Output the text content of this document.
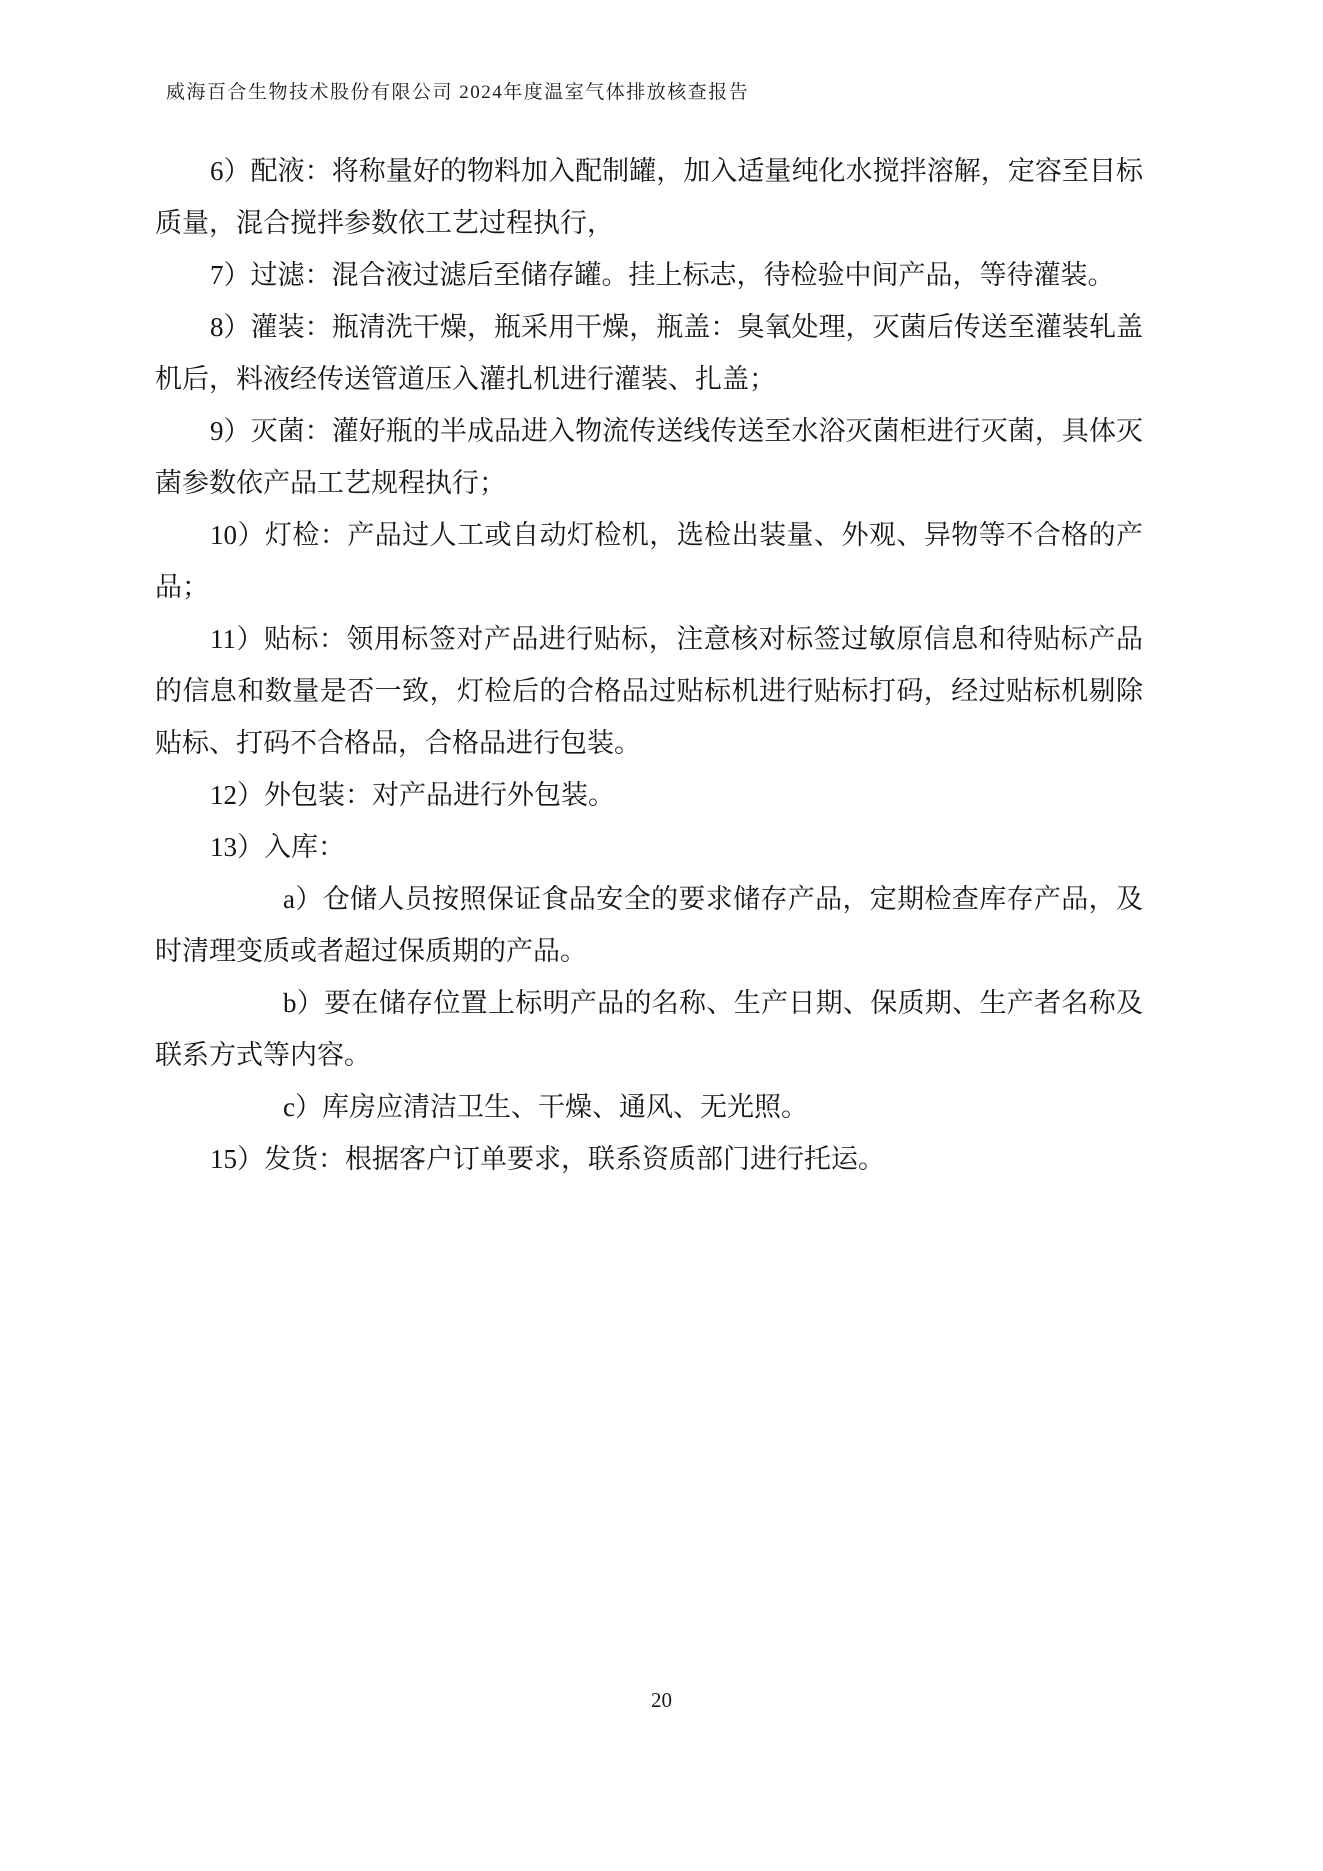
威海百合生物技术股份有限公司 2024年度温室气体排放核查报告

6）配液：将称量好的物料加入配制罐，加入适量纯化水搅拌溶解，定容至目标质量，混合搅拌参数依工艺过程执行，

7）过滤：混合液过滤后至储存罐。挂上标志，待检验中间产品，等待灌装。

8）灌装：瓶清洗干燥，瓶采用干燥，瓶盖：臭氧处理，灭菌后传送至灌装轧盖机后，料液经传送管道压入灌扎机进行灌装、扎盖；

9）灭菌：灌好瓶的半成品进入物流传送线传送至水浴灭菌柜进行灭菌，具体灭菌参数依产品工艺规程执行；

10）灯检：产品过人工或自动灯检机，选检出装量、外观、异物等不合格的产品；

11）贴标：领用标签对产品进行贴标，注意核对标签过敏原信息和待贴标产品的信息和数量是否一致，灯检后的合格品过贴标机进行贴标打码，经过贴标机剔除贴标、打码不合格品，合格品进行包装。

12）外包装：对产品进行外包装。

13）入库：

a）仓储人员按照保证食品安全的要求储存产品，定期检查库存产品，及时清理变质或者超过保质期的产品。

b）要在储存位置上标明产品的名称、生产日期、保质期、生产者名称及联系方式等内容。

c）库房应清洁卫生、干燥、通风、无光照。

15）发货：根据客户订单要求，联系资质部门进行托运。

20
